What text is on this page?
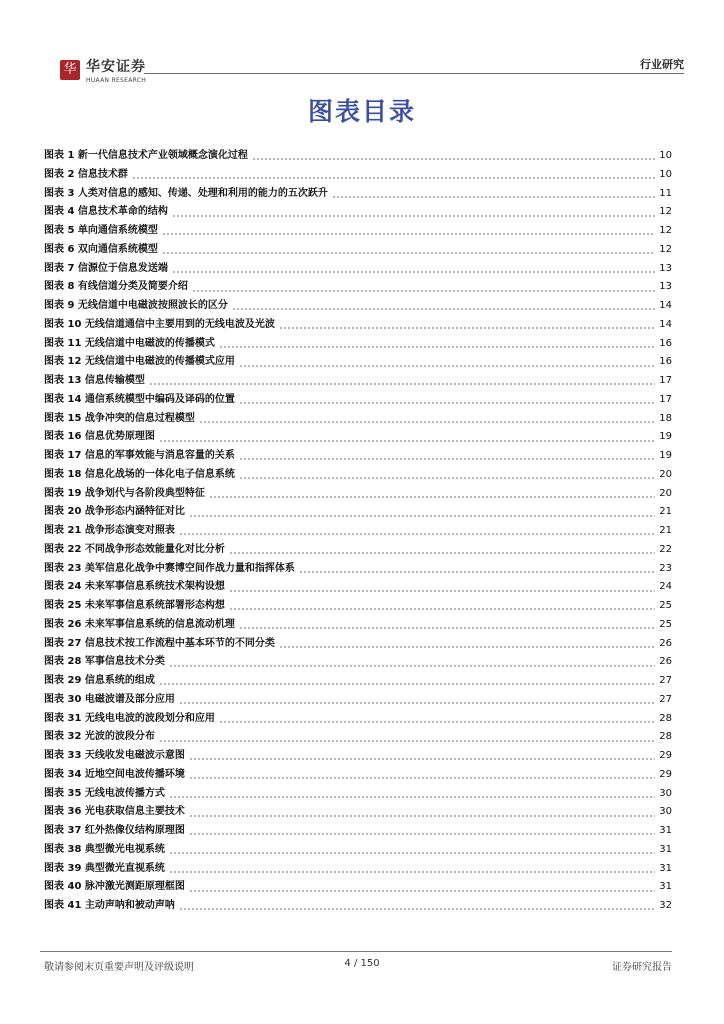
华 华安证券
HUAAN RESEARCH
行业研究
图表目录
图表 1 新一代信息技术产业领域概念演化过程	10
图表 2 信息技术群	10
图表 3 人类对信息的感知、传递、处理和利用的能力的五次跃升	11
图表 4 信息技术革命的结构	12
图表 5 单向通信系统模型	12
图表 6 双向通信系统模型	12
图表 7 信源位于信息发送端	13
图表 8 有线信道分类及简要介绍	13
图表 9 无线信道中电磁波按照波长的区分	14
图表 10 无线信道通信中主要用到的无线电波及光波	14
图表 11 无线信道中电磁波的传播模式	16
图表 12 无线信道中电磁波的传播模式应用	16
图表 13 信息传输模型	17
图表 14 通信系统模型中编码及译码的位置	17
图表 15 战争冲突的信息过程模型	18
图表 16 信息优势原理图	19
图表 17 信息的军事效能与消息容量的关系	19
图表 18 信息化战场的一体化电子信息系统	20
图表 19 战争划代与各阶段典型特征	20
图表 20 战争形态内涵特征对比	21
图表 21 战争形态演变对照表	21
图表 22 不同战争形态效能量化对比分析	22
图表 23 美军信息化战争中赛博空间作战力量和指挥体系	23
图表 24 未来军事信息系统技术架构设想	24
图表 25 未来军事信息系统部署形态构想	25
图表 26 未来军事信息系统的信息流动机理	25
图表 27 信息技术按工作流程中基本环节的不同分类	26
图表 28 军事信息技术分类	26
图表 29 信息系统的组成	27
图表 30 电磁波谱及部分应用	27
图表 31 无线电电波的波段划分和应用	28
图表 32 光波的波段分布	28
图表 33 天线收发电磁波示意图	29
图表 34 近地空间电波传播环境	29
图表 35 无线电波传播方式	30
图表 36 光电获取信息主要技术	30
图表 37 红外热像仪结构原理图	31
图表 38 典型微光电视系统	31
图表 39 典型微光直视系统	31
图表 40 脉冲激光测距原理框图	31
图表 41 主动声呐和被动声呐	32
敬请参阅末页重要声明及评级说明	4 / 150	证券研究报告
